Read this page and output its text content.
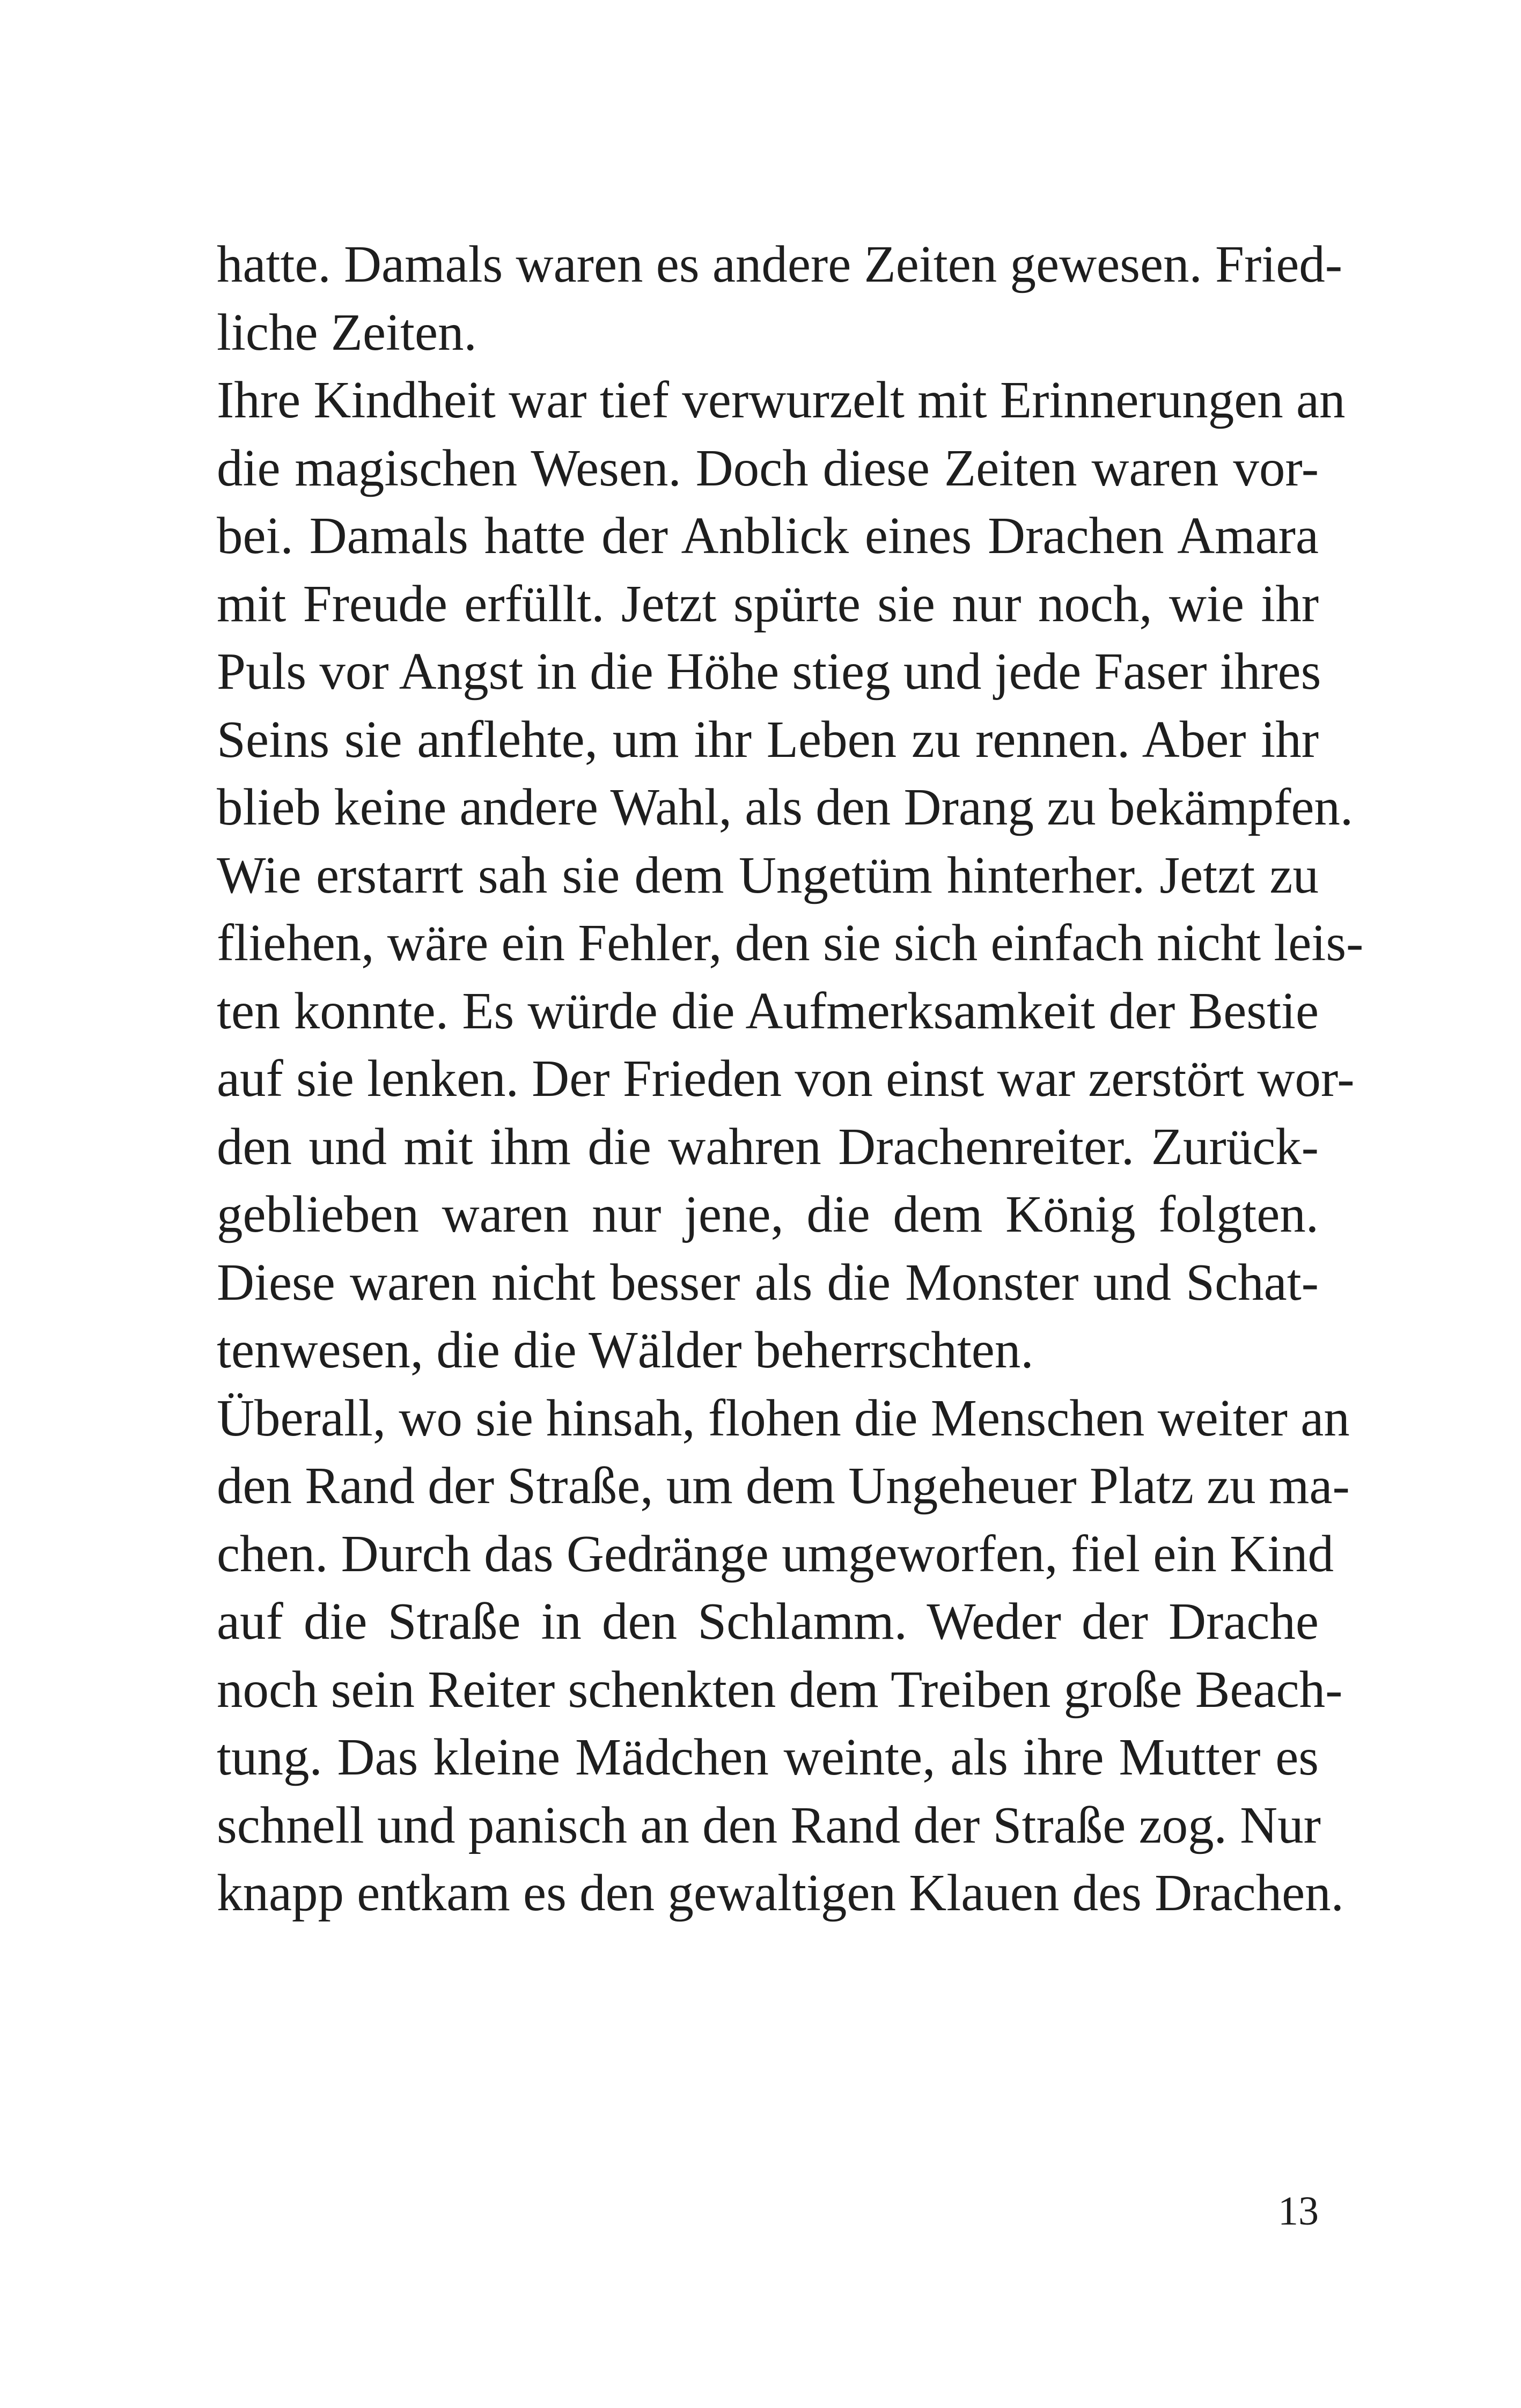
hatte. Damals waren es andere Zeiten gewesen. Fried-
liche Zeiten.
Ihre Kindheit war tief verwurzelt mit Erinnerungen an
die magischen Wesen. Doch diese Zeiten waren vor-
bei. Damals hatte der Anblick eines Drachen Amara
mit Freude erfüllt. Jetzt spürte sie nur noch, wie ihr
Puls vor Angst in die Höhe stieg und jede Faser ihres
Seins sie anflehte, um ihr Leben zu rennen. Aber ihr
blieb keine andere Wahl, als den Drang zu bekämpfen.
Wie erstarrt sah sie dem Ungetüm hinterher. Jetzt zu
fliehen, wäre ein Fehler, den sie sich einfach nicht leis-
ten konnte. Es würde die Aufmerksamkeit der Bestie
auf sie lenken. Der Frieden von einst war zerstört wor-
den und mit ihm die wahren Drachenreiter. Zurück-
geblieben waren nur jene, die dem König folgten.
Diese waren nicht besser als die Monster und Schat-
tenwesen, die die Wälder beherrschten.
Überall, wo sie hinsah, flohen die Menschen weiter an
den Rand der Straße, um dem Ungeheuer Platz zu ma-
chen. Durch das Gedränge umgeworfen, fiel ein Kind
auf die Straße in den Schlamm. Weder der Drache
noch sein Reiter schenkten dem Treiben große Beach-
tung. Das kleine Mädchen weinte, als ihre Mutter es
schnell und panisch an den Rand der Straße zog. Nur
knapp entkam es den gewaltigen Klauen des Drachen.
13
